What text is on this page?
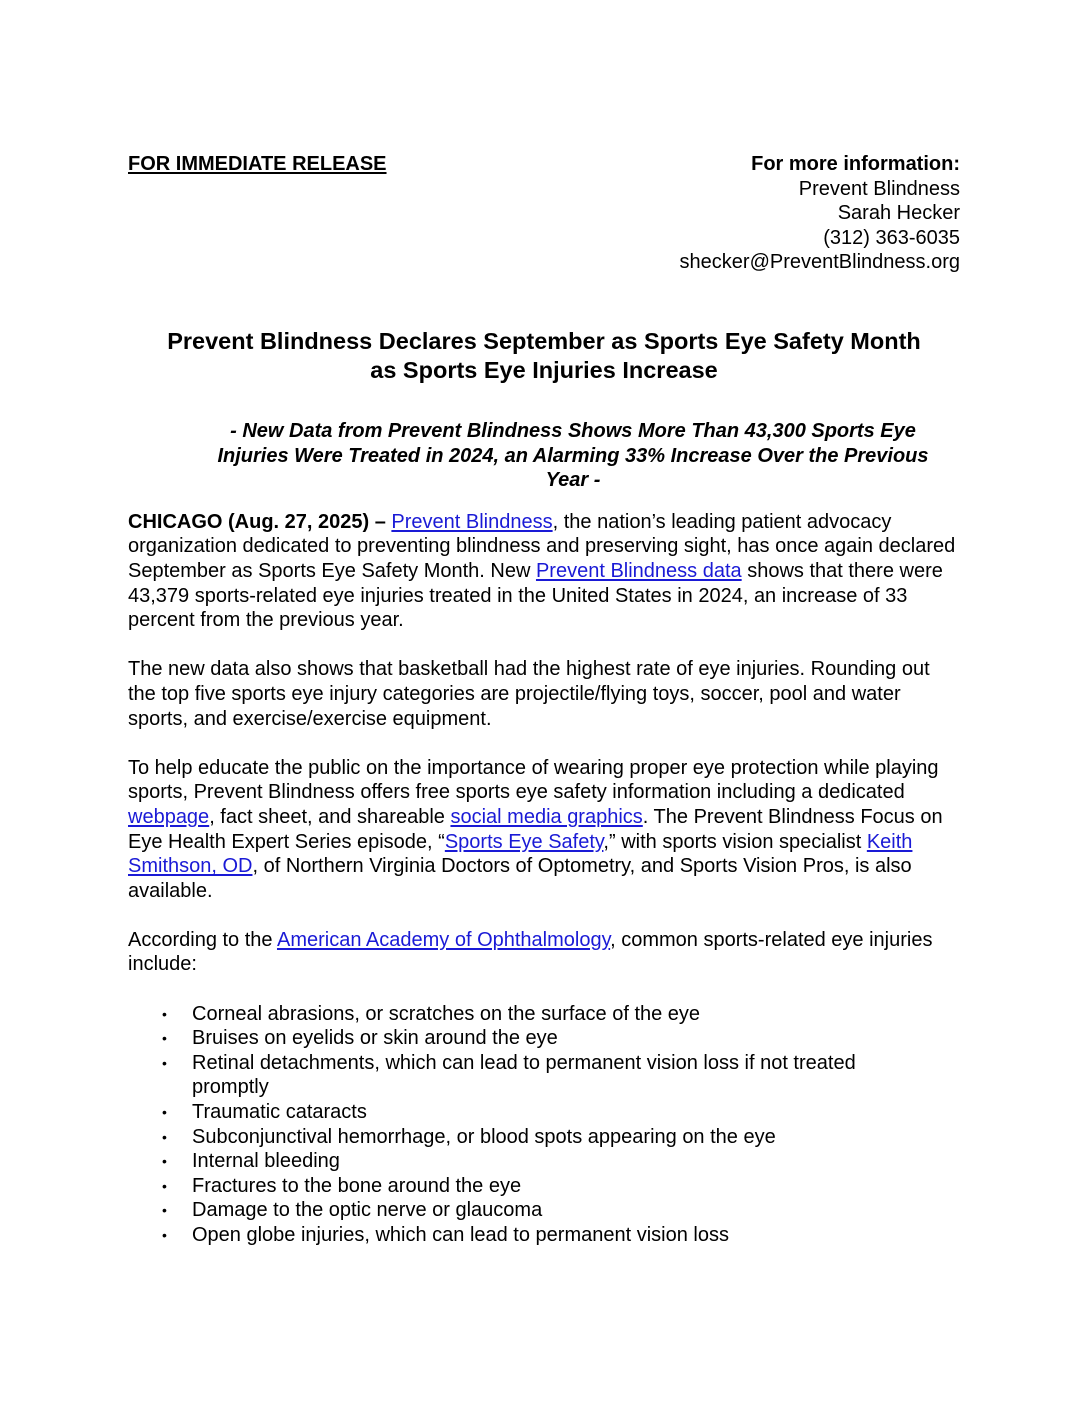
FOR IMMEDIATE RELEASE	For more information:
Prevent Blindness
Sarah Hecker
(312) 363-6035
shecker@PreventBlindness.org
Prevent Blindness Declares September as Sports Eye Safety Month
as Sports Eye Injuries Increase
- New Data from Prevent Blindness Shows More Than 43,300 Sports Eye Injuries Were Treated in 2024, an Alarming 33% Increase Over the Previous Year -

CHICAGO (Aug. 27, 2025) – Prevent Blindness, the nation’s leading patient advocacy organization dedicated to preventing blindness and preserving sight, has once again declared September as Sports Eye Safety Month. New Prevent Blindness data shows that there were 43,379 sports-related eye injuries treated in the United States in 2024, an increase of 33 percent from the previous year.

The new data also shows that basketball had the highest rate of eye injuries. Rounding out the top five sports eye injury categories are projectile/flying toys, soccer, pool and water sports, and exercise/exercise equipment.

To help educate the public on the importance of wearing proper eye protection while playing sports, Prevent Blindness offers free sports eye safety information including a dedicated webpage, fact sheet, and shareable social media graphics. The Prevent Blindness Focus on Eye Health Expert Series episode, “Sports Eye Safety,” with sports vision specialist Keith Smithson, OD, of Northern Virginia Doctors of Optometry, and Sports Vision Pros, is also available.

According to the American Academy of Ophthalmology, common sports-related eye injuries include:

• Corneal abrasions, or scratches on the surface of the eye
• Bruises on eyelids or skin around the eye
• Retinal detachments, which can lead to permanent vision loss if not treated promptly
• Traumatic cataracts
• Subconjunctival hemorrhage, or blood spots appearing on the eye
• Internal bleeding
• Fractures to the bone around the eye
• Damage to the optic nerve or glaucoma
• Open globe injuries, which can lead to permanent vision loss
